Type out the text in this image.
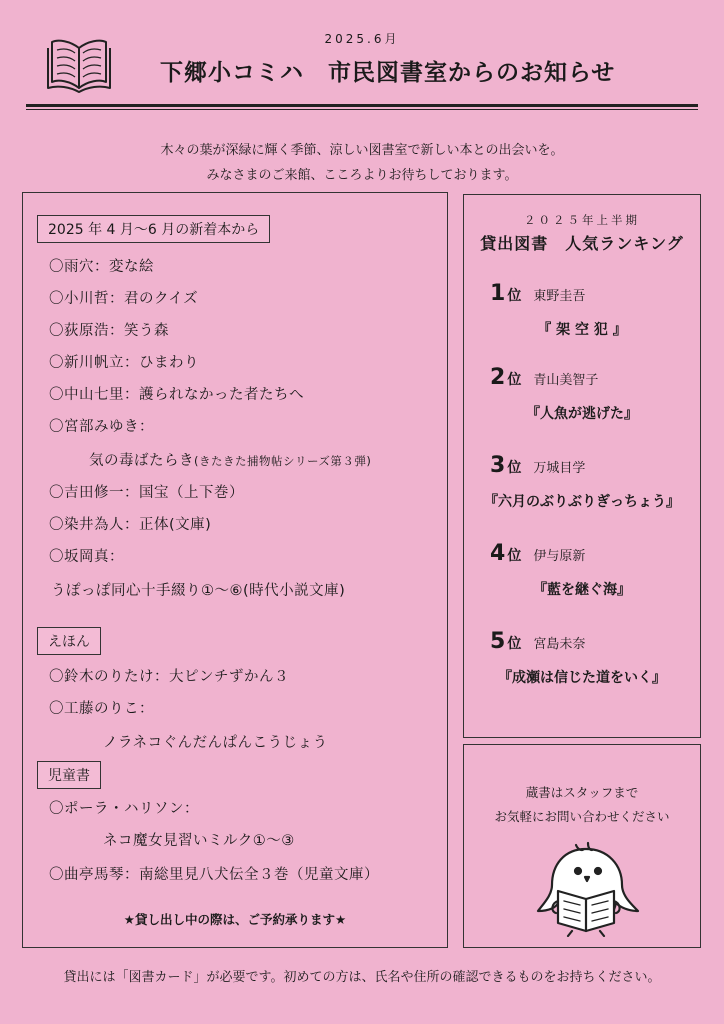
2025.6月
下郷小コミハ　市民図書室からのお知らせ
木々の葉が深緑に輝く季節、涼しい図書室で新しい本との出会いを。
みなさまのご来館、こころよりお待ちしております。
2025 年 4 月～6 月の新着本から
〇雨穴：変な絵
〇小川哲：君のクイズ
〇荻原浩：笑う森
〇新川帆立：ひまわり
〇中山七里：護られなかった者たちへ
〇宮部みゆき：
気の毒ばたらき(きたきた捕物帖シリーズ第３弾)
〇吉田修一：国宝（上下巻）
〇染井為人：正体(文庫)
〇坂岡真：
うぽっぽ同心十手綴り①～⑥(時代小説文庫)
えほん
〇鈴木のりたけ：大ピンチずかん３
〇工藤のりこ：
ノラネコぐんだんぱんこうじょう
児童書
〇ポーラ・ハリソン：
ネコ魔女見習いミルク①～③
〇曲亭馬琴：南総里見八犬伝全３巻（児童文庫）
★貸し出し中の際は、ご予約承ります★
２０２５年上半期
貸出図書　人気ランキング
1 位 東野圭吾
『 架 空 犯 』
2 位 青山美智子
『人魚が逃げた』
3 位 万城目学
『六月のぶりぶりぎっちょう』
4 位 伊与原新
『藍を継ぐ海』
5 位 宮島未奈
『成瀬は信じた道をいく』
蔵書はスタッフまで
お気軽にお問い合わせください
貸出には「図書カード」が必要です。初めての方は、氏名や住所の確認できるものをお持ちください。
